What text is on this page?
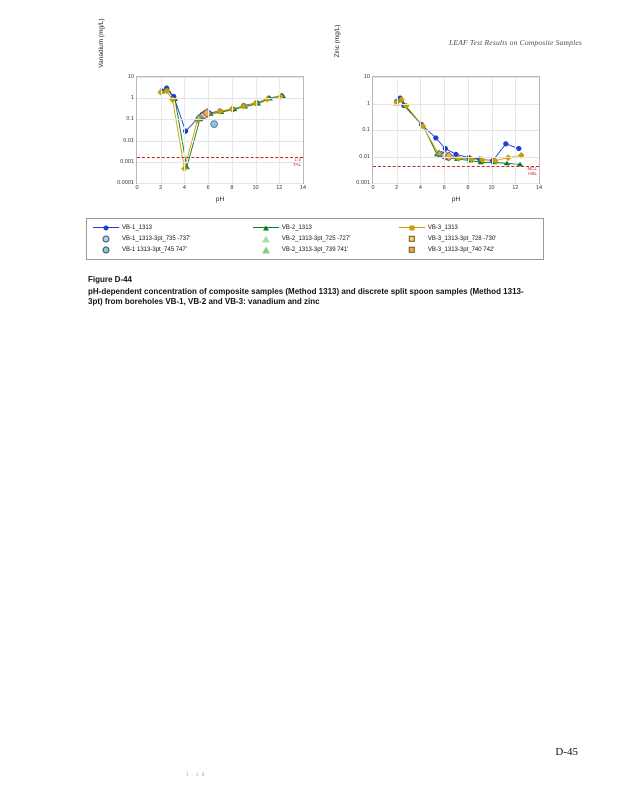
LEAF Test Results on Composite Samples
Vanadium (mg/L)
10
1
0.1
0.01
0.001
0.0001
0	2	4	6	8	10	12	14
L-2
TAL
pH
Zinc (mg/L)
10
1
0.1
0.01
0.001
0	2	4	6	8	10	12	14
MCL
HBL
pH
VB-1_1313	VB-2_1313	VB-3_1313
VB-1_1313-3pt_735 -737'	VB-2_1313-3pt_725 -727'	VB-3_1313-3pt_728 -730'
VB-1 1313-3pt_745 747'	VB-2_1313-3pt_739 741'	VB-3_1313-3pt_740 742'
Figure D-44
pH-dependent concentration of composite samples (Method 1313) and discrete split spoon samples (Method 1313-3pt) from boreholes VB-1, VB-2 and VB-3: vanadium and zinc
D-45
J - 2 8
